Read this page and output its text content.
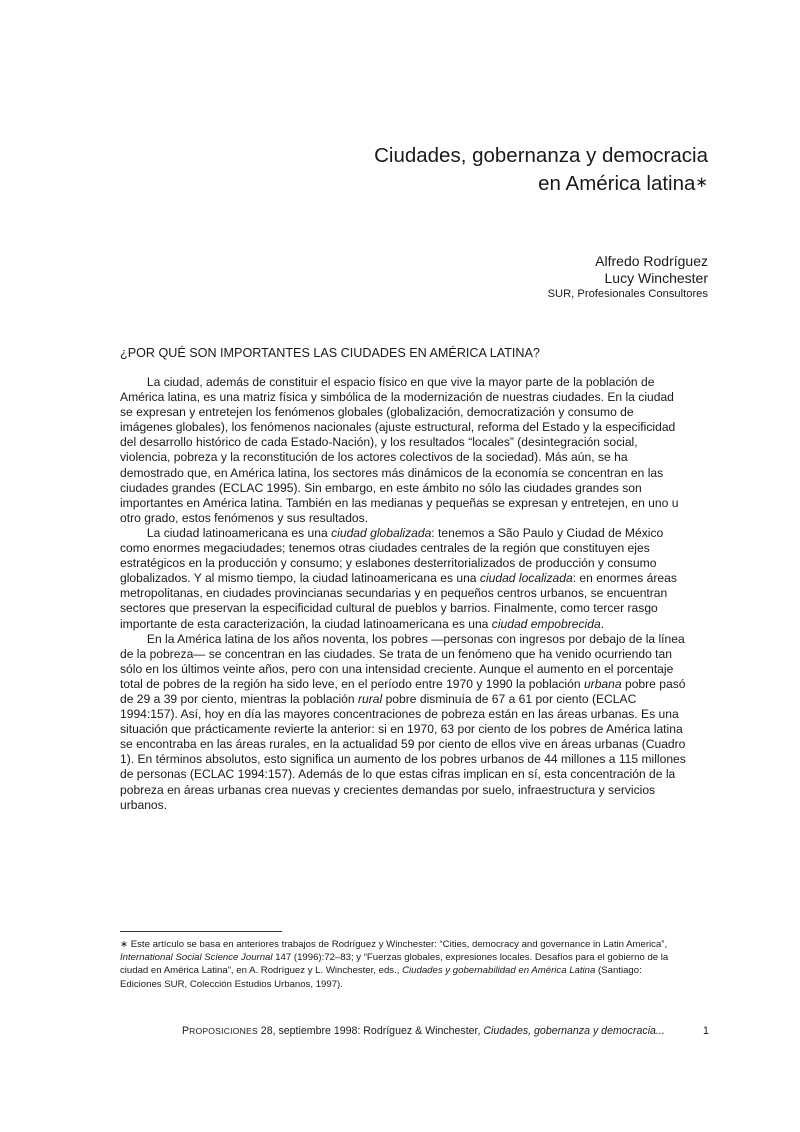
Ciudades, gobernanza y democracia
en América latina∗
Alfredo Rodríguez
Lucy Winchester
SUR, Profesionales Consultores
¿POR QUÉ SON IMPORTANTES LAS CIUDADES EN AMÉRICA LATINA?
La ciudad, además de constituir el espacio físico en que vive la mayor parte de la población de
América latina, es una matriz física y simbólica de la modernización de nuestras ciudades. En la ciudad
se expresan y entretejen los fenómenos globales (globalización, democratización y consumo de
imágenes globales), los fenómenos nacionales (ajuste estructural, reforma del Estado y la especificidad
del desarrollo histórico de cada Estado-Nación), y los resultados “locales” (desintegración social,
violencia, pobreza y la reconstitución de los actores colectivos de la sociedad). Más aún, se ha
demostrado que, en América latina, los sectores más dinámicos de la economía se concentran en las
ciudades grandes (ECLAC 1995). Sin embargo, en este ámbito no sólo las ciudades grandes son
importantes en América latina. También en las medianas y pequeñas se expresan y entretejen, en uno u
otro grado, estos fenómenos y sus resultados.
La ciudad latinoamericana es una ciudad globalizada: tenemos a São Paulo y Ciudad de México
como enormes megaciudades; tenemos otras ciudades centrales de la región que constituyen ejes
estratégicos en la producción y consumo; y eslabones desterritorializados de producción y consumo
globalizados. Y al mismo tiempo, la ciudad latinoamericana es una ciudad localizada: en enormes áreas
metropolitanas, en ciudades provincianas secundarias y en pequeños centros urbanos, se encuentran
sectores que preservan la especificidad cultural de pueblos y barrios. Finalmente, como tercer rasgo
importante de esta caracterización, la ciudad latinoamericana es una ciudad empobrecida.
En la América latina de los años noventa, los pobres —personas con ingresos por debajo de la línea
de la pobreza— se concentran en las ciudades. Se trata de un fenómeno que ha venido ocurriendo tan
sólo en los últimos veinte años, pero con una intensidad creciente. Aunque el aumento en el porcentaje
total de pobres de la región ha sido leve, en el período entre 1970 y 1990 la población urbana pobre pasó
de 29 a 39 por ciento, mientras la población rural pobre disminuía de 67 a 61 por ciento (ECLAC
1994:157). Así, hoy en día las mayores concentraciones de pobreza están en las áreas urbanas. Es una
situación que prácticamente revierte la anterior: si en 1970, 63 por ciento de los pobres de América latina
se encontraba en las áreas rurales, en la actualidad 59 por ciento de ellos vive en áreas urbanas (Cuadro
1). En términos absolutos, esto significa un aumento de los pobres urbanos de 44 millones a 115 millones
de personas (ECLAC 1994:157). Además de lo que estas cifras implican en sí, esta concentración de la
pobreza en áreas urbanas crea nuevas y crecientes demandas por suelo, infraestructura y servicios
urbanos.
∗ Este artículo se basa en anteriores trabajos de Rodríguez y Winchester: “Cities, democracy and governance in Latin America”,
International Social Science Journal 147 (1996):72–83; y “Fuerzas globales, expresiones locales. Desafíos para el gobierno de la
ciudad en América Latina”, en A. Rodríguez y L. Winchester, eds., Ciudades y gobernabilidad en América Latina (Santiago:
Ediciones SUR, Colección Estudios Urbanos, 1997).
PROPOSICIONES 28, septiembre 1998: Rodríguez & Winchester, Ciudades, gobernanza y democracia...	1
